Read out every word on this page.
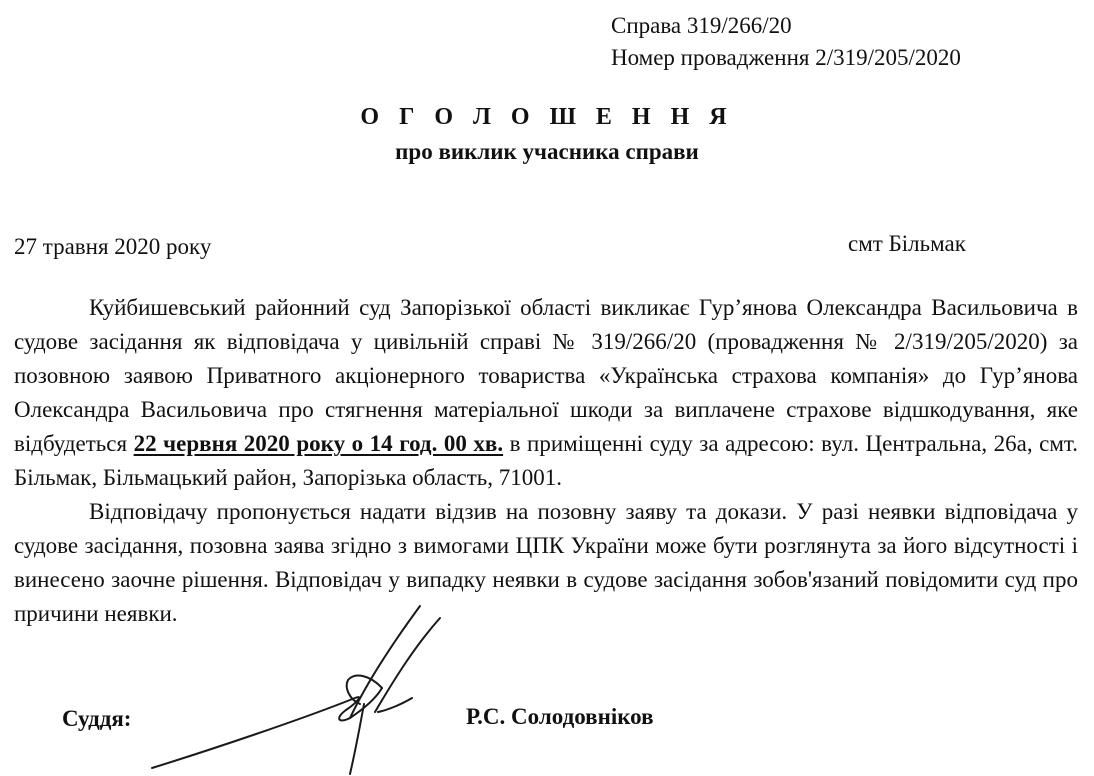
Справа 319/266/20
Номер провадження 2/319/205/2020
О Г О Л О Ш Е Н Н Я
про виклик учасника справи
27 травня 2020 року	смт Більмак

Куйбишевський районний суд Запорізької області викликає Гур’янова Олександра Васильовича в судове засідання як відповідача у цивільній справі № 319/266/20 (провадження № 2/319/205/2020) за позовною заявою Приватного акціонерного товариства «Українська страхова компанія» до Гур’янова Олександра Васильовича про стягнення матеріальної шкоди за виплачене страхове відшкодування, яке відбудеться 22 червня 2020 року о 14 год. 00 хв. в приміщенні суду за адресою: вул. Центральна, 26а, смт. Більмак, Більмацький район, Запорізька область, 71001.

Відповідачу пропонується надати відзив на позовну заяву та докази. У разі неявки відповідача у судове засідання, позовна заява згідно з вимогами ЦПК України може бути розглянута за його відсутності і винесено заочне рішення. Відповідач у випадку неявки в судове засідання зобов'язаний повідомити суд про причини неявки.

Суддя:	Р.С. Солодовніков
